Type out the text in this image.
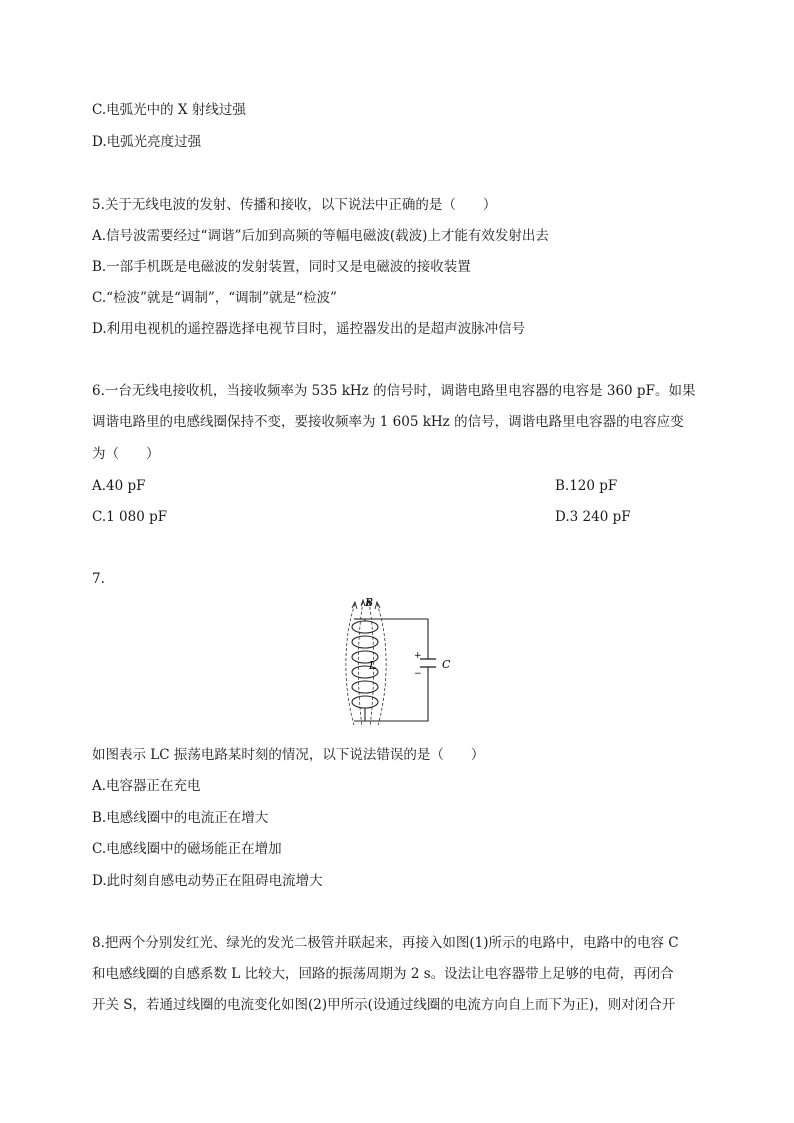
C.电弧光中的 X 射线过强
D.电弧光亮度过强
5.关于无线电波的发射、传播和接收，以下说法中正确的是（　　）
A.信号波需要经过“调谐”后加到高频的等幅电磁波(载波)上才能有效发射出去
B.一部手机既是电磁波的发射装置，同时又是电磁波的接收装置
C.“检波”就是“调制”，“调制”就是“检波”
D.利用电视机的遥控器选择电视节目时，遥控器发出的是超声波脉冲信号
6.一台无线电接收机，当接收频率为 535 kHz 的信号时，调谐电路里电容器的电容是 360 pF。如果
调谐电路里的电感线圈保持不变，要接收频率为 1 605 kHz 的信号，调谐电路里电容器的电容应变
为（　　）
A.40 pF	B.120 pF
C.1 080 pF	D.3 240 pF
7.
B
L	C
+
−
如图表示 LC 振荡电路某时刻的情况，以下说法错误的是（　　）
A.电容器正在充电
B.电感线圈中的电流正在增大
C.电感线圈中的磁场能正在增加
D.此时刻自感电动势正在阻碍电流增大
8.把两个分别发红光、绿光的发光二极管并联起来，再接入如图(1)所示的电路中，电路中的电容 C
和电感线圈的自感系数 L 比较大，回路的振荡周期为 2 s。设法让电容器带上足够的电荷，再闭合
开关 S，若通过线圈的电流变化如图(2)甲所示(设通过线圈的电流方向自上而下为正)，则对闭合开
